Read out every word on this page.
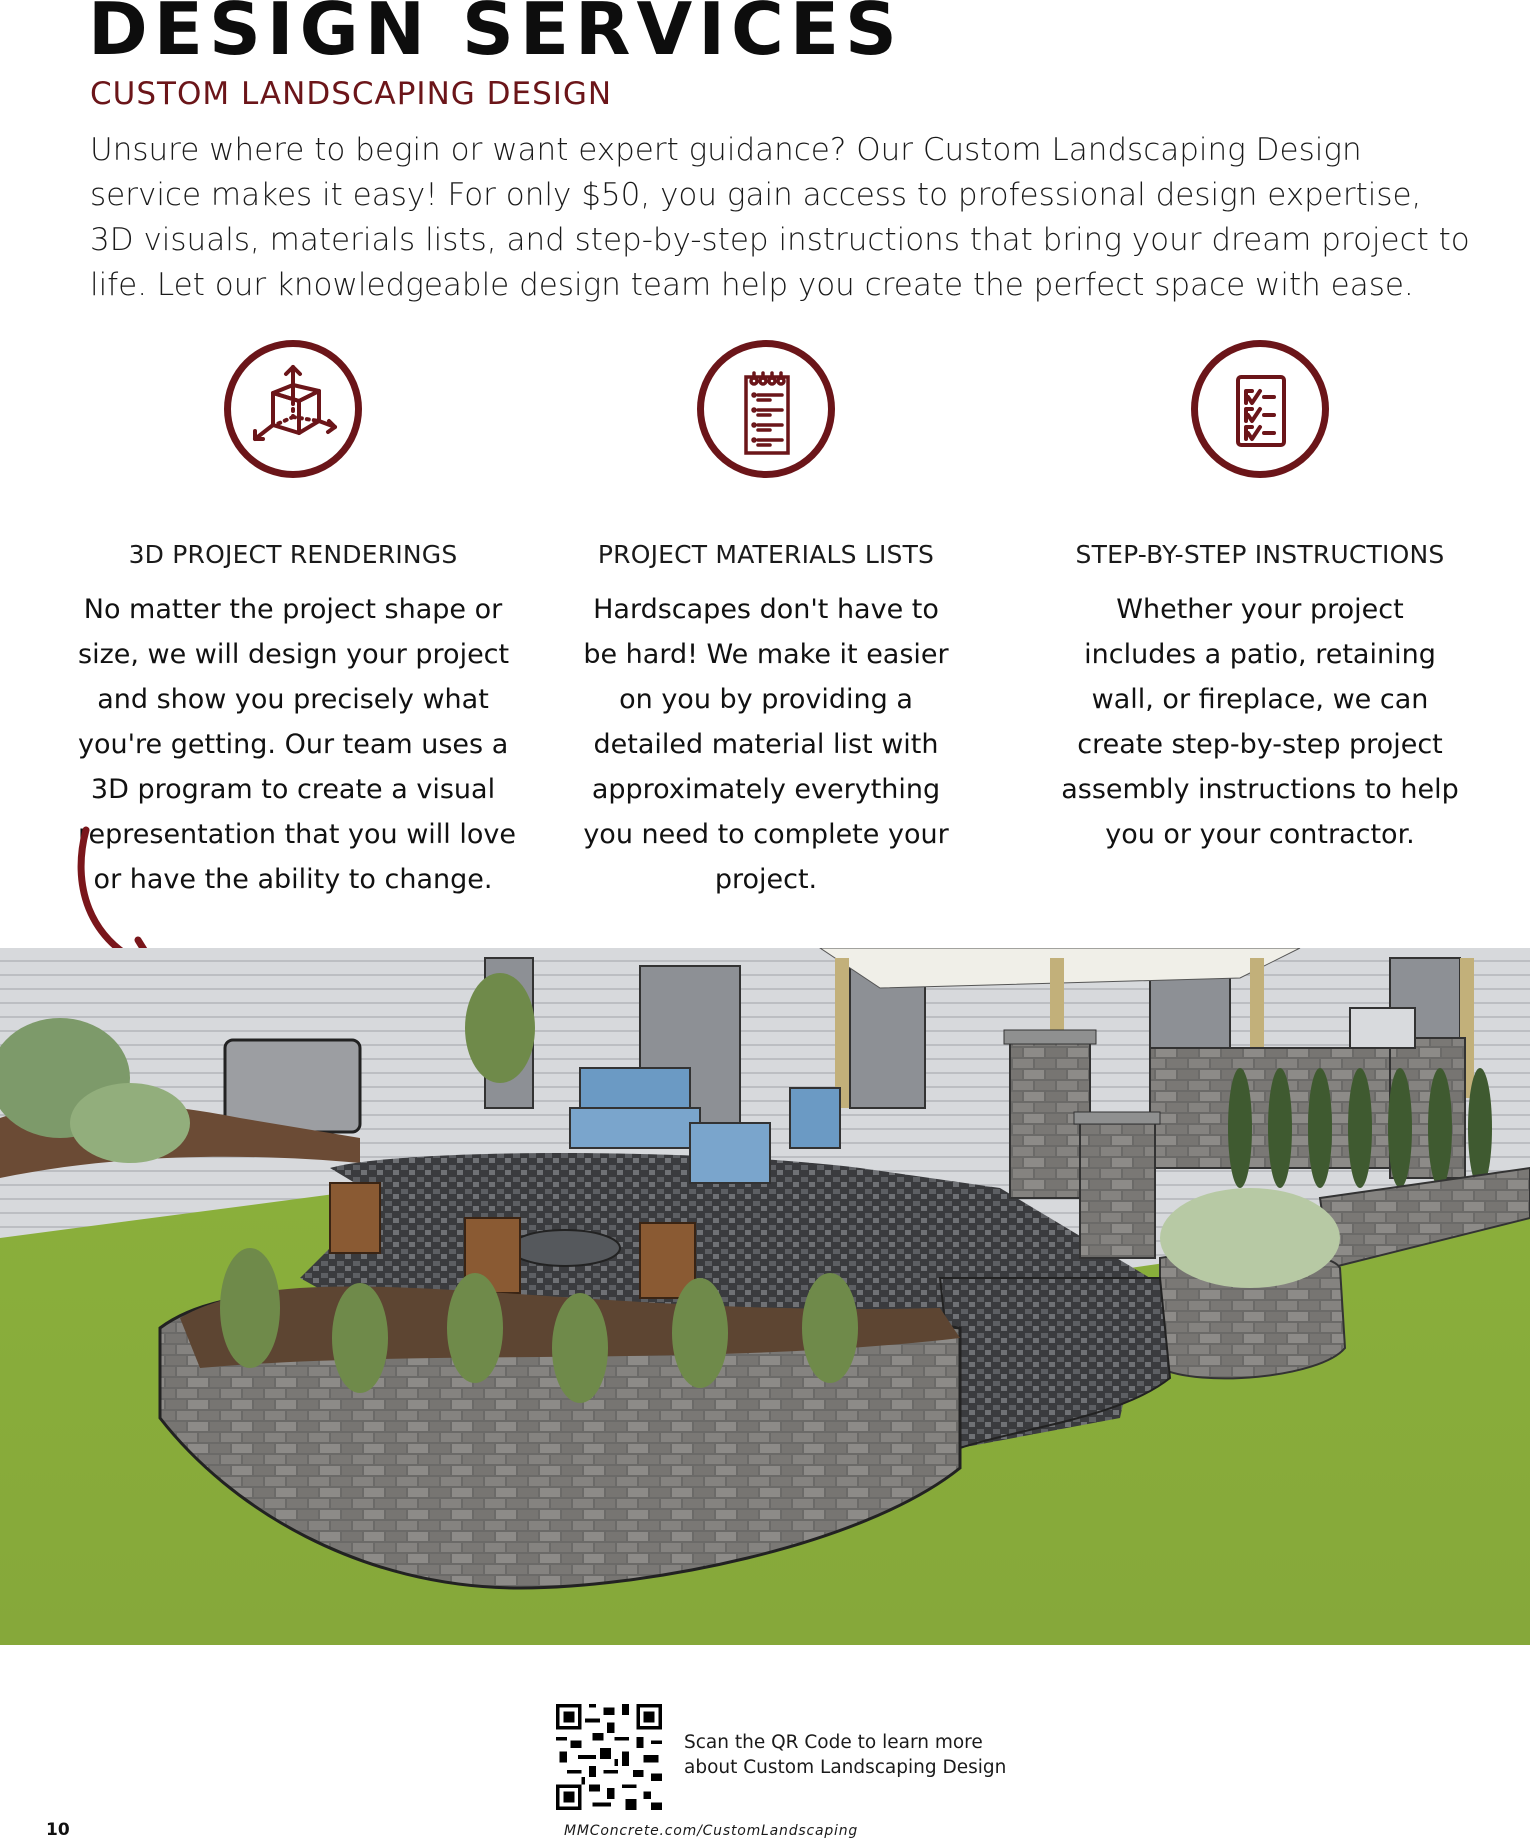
DESIGN SERVICES
CUSTOM LANDSCAPING DESIGN
Unsure where to begin or want expert guidance? Our Custom Landscaping Design
service makes it easy! For only $50, you gain access to professional design expertise,
3D visuals, materials lists, and step-by-step instructions that bring your dream project to
life. Let our knowledgeable design team help you create the perfect space with ease.
3D PROJECT RENDERINGS
No matter the project shape or
size, we will design your project
and show you precisely what
you're getting. Our team uses a
3D program to create a visual
representation that you will love
or have the ability to change.
PROJECT MATERIALS LISTS
Hardscapes don't have to
be hard! We make it easier
on you by providing a
detailed material list with
approximately everything
you need to complete your
project.
STEP-BY-STEP INSTRUCTIONS
Whether your project
includes a patio, retaining
wall, or fireplace, we can
create step-by-step project
assembly instructions to help
you or your contractor.
Scan the QR Code to learn more
about Custom Landscaping Design
10	MMConcrete.com/CustomLandscaping
